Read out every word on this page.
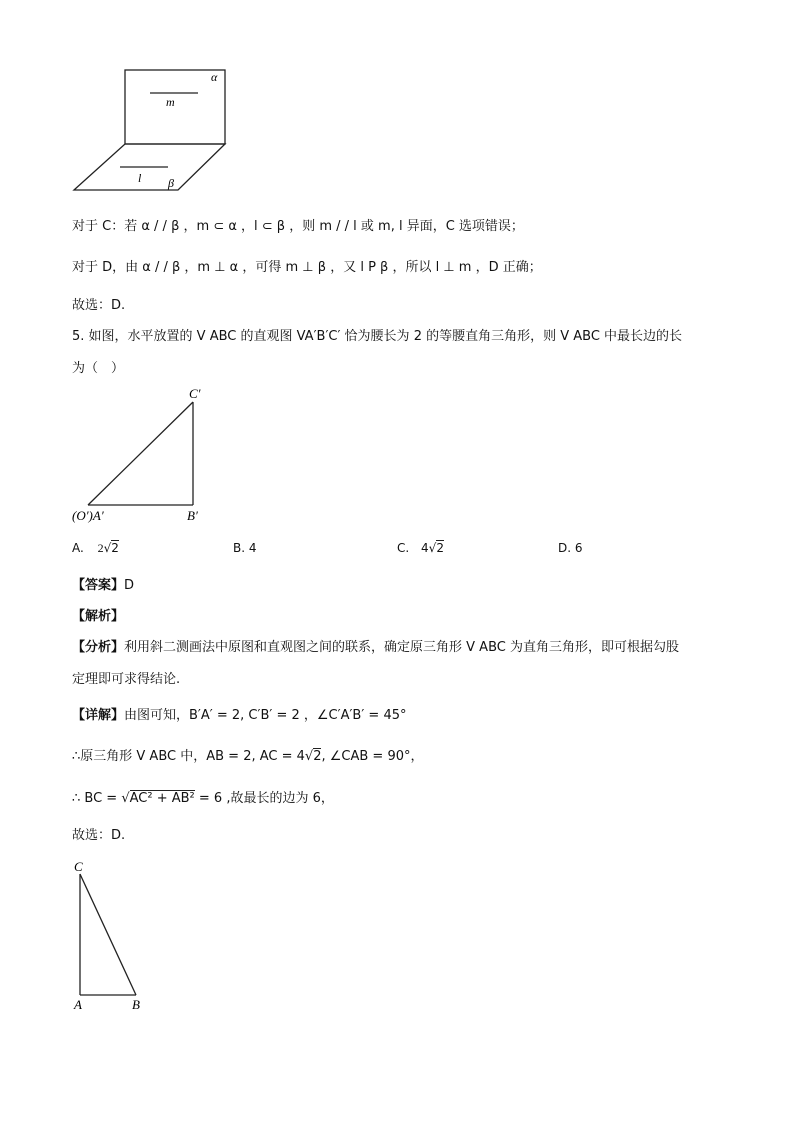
α
m
l β
对于 C：若 α / / β ，m ⊂ α ，l ⊂ β ，则 m / / l 或 m, l 异面，C 选项错误；
对于 D，由 α / / β ，m ⊥ α ，可得 m ⊥ β ，又 l P β ，所以 l ⊥ m ，D 正确；
故选：D.
5. 如图，水平放置的 V ABC 的直观图 VA′B′C′ 恰为腰长为 2 的等腰直角三角形，则 V ABC 中最长边的长
为（　）
C′
(O′)A′	B′
A. 2√2	B. 4	C. 4√2	D. 6
【答案】D
【解析】
【分析】利用斜二测画法中原图和直观图之间的联系，确定原三角形 V ABC 为直角三角形，即可根据勾股
定理即可求得结论.
【详解】由图可知，B′A′ = 2, C′B′ = 2 ，∠C′A′B′ = 45°
∴原三角形 V ABC 中，AB = 2, AC = 4√2, ∠CAB = 90°，
∴ BC = √AC² + AB² = 6 ,故最长的边为 6，
故选：D.
C
A	B
